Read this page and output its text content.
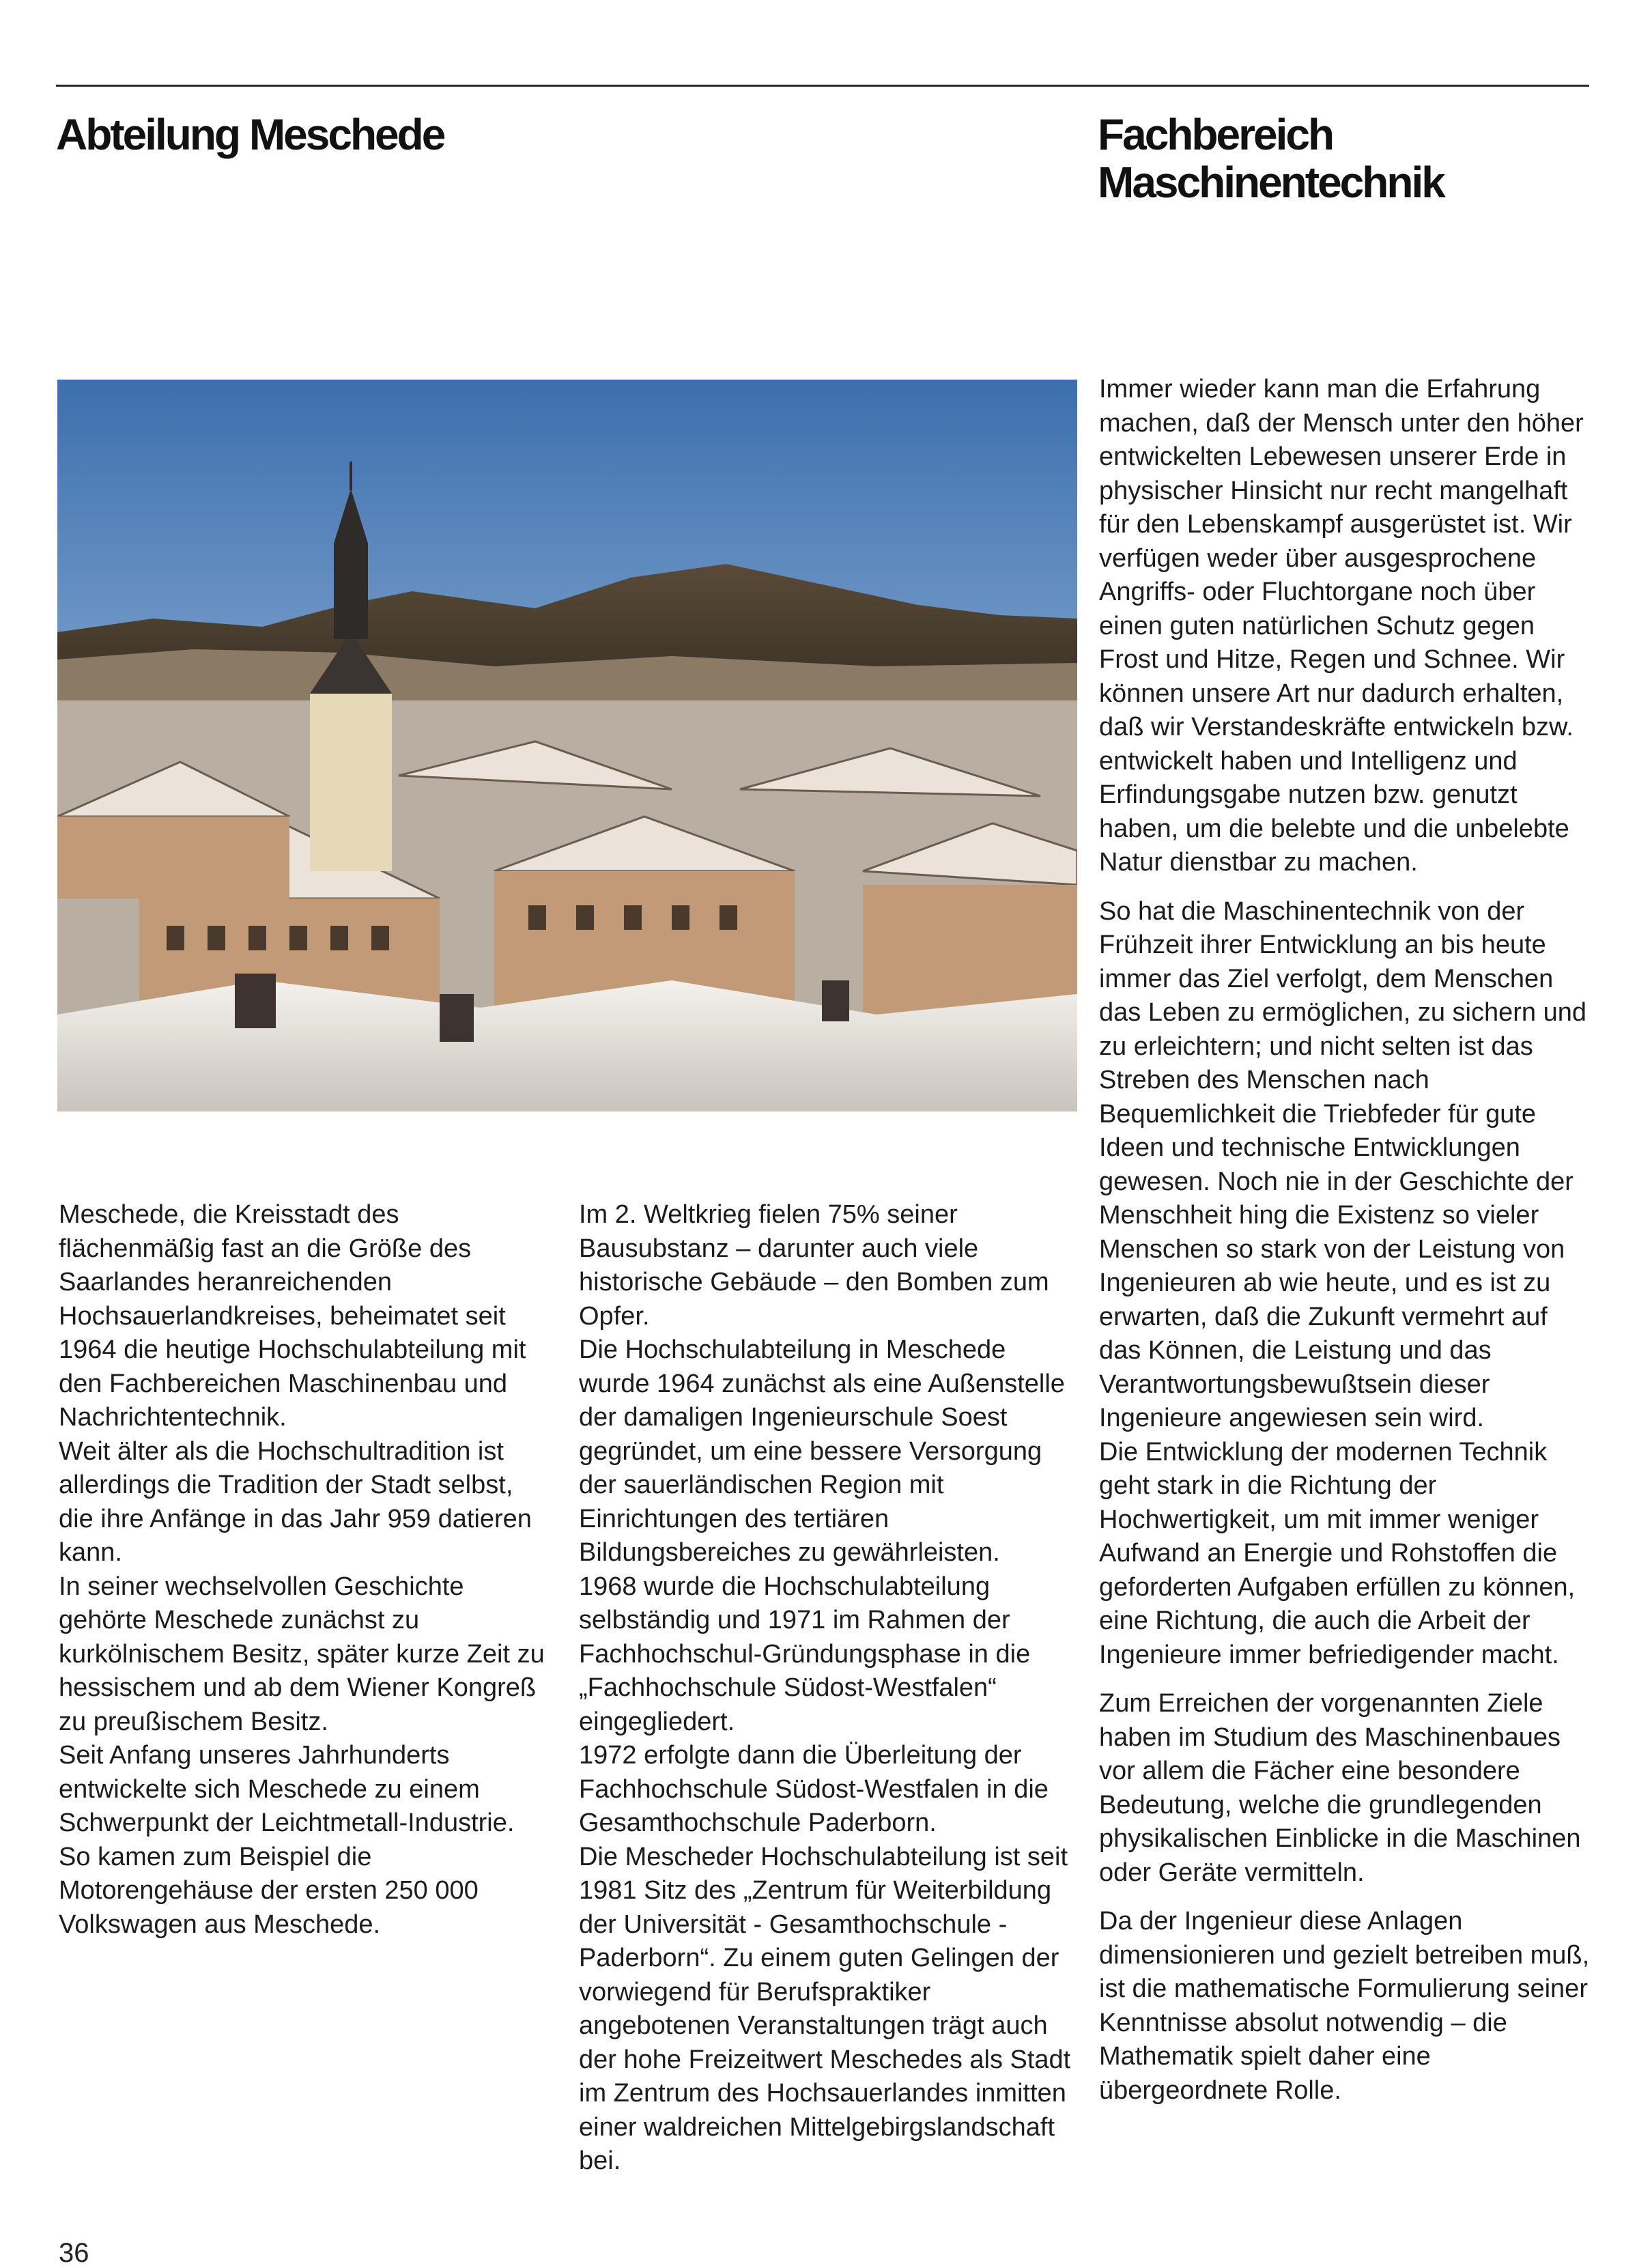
Abteilung Meschede	Fachbereich Maschinentechnik

Meschede, die Kreisstadt des flächenmäßig fast an die Größe des Saarlandes heranreichenden Hochsauerlandkreises, beheimatet seit 1964 die heutige Hochschulabteilung mit den Fachbereichen Maschinenbau und Nachrichtentechnik.

Weit älter als die Hochschultradition ist allerdings die Tradition der Stadt selbst, die ihre Anfänge in das Jahr 959 datieren kann.

In seiner wechselvollen Geschichte gehörte Meschede zunächst zu kurkölnischem Besitz, später kurze Zeit zu hessischem und ab dem Wiener Kongreß zu preußischem Besitz.

Seit Anfang unseres Jahrhunderts entwickelte sich Meschede zu einem Schwerpunkt der Leichtmetall-Industrie. So kamen zum Beispiel die Motorengehäuse der ersten 250 000 Volkswagen aus Meschede.

Im 2. Weltkrieg fielen 75% seiner Bausubstanz – darunter auch viele historische Gebäude – den Bomben zum Opfer.

Die Hochschulabteilung in Meschede wurde 1964 zunächst als eine Außenstelle der damaligen Ingenieurschule Soest gegründet, um eine bessere Versorgung der sauerländischen Region mit Einrichtungen des tertiären Bildungsbereiches zu gewährleisten.

1968 wurde die Hochschulabteilung selbständig und 1971 im Rahmen der Fachhochschul-Gründungsphase in die „Fachhochschule Südost-Westfalen“ eingegliedert.

1972 erfolgte dann die Überleitung der Fachhochschule Südost-Westfalen in die Gesamthochschule Paderborn.

Die Mescheder Hochschulabteilung ist seit 1981 Sitz des „Zentrum für Weiterbildung der Universität - Gesamthochschule - Paderborn“. Zu einem guten Gelingen der vorwiegend für Berufspraktiker angebotenen Veranstaltungen trägt auch der hohe Freizeitwert Meschedes als Stadt im Zentrum des Hochsauerlandes inmitten einer waldreichen Mittelgebirgslandschaft bei.

Immer wieder kann man die Erfahrung machen, daß der Mensch unter den höher entwickelten Lebewesen unserer Erde in physischer Hinsicht nur recht mangelhaft für den Lebenskampf ausgerüstet ist. Wir verfügen weder über ausgesprochene Angriffs- oder Fluchtorgane noch über einen guten natürlichen Schutz gegen Frost und Hitze, Regen und Schnee. Wir können unsere Art nur dadurch erhalten, daß wir Verstandeskräfte entwickeln bzw. entwickelt haben und Intelligenz und Erfindungsgabe nutzen bzw. genutzt haben, um die belebte und die unbelebte Natur dienstbar zu machen.

So hat die Maschinentechnik von der Frühzeit ihrer Entwicklung an bis heute immer das Ziel verfolgt, dem Menschen das Leben zu ermöglichen, zu sichern und zu erleichtern; und nicht selten ist das Streben des Menschen nach Bequemlichkeit die Triebfeder für gute Ideen und technische Entwicklungen gewesen. Noch nie in der Geschichte der Menschheit hing die Existenz so vieler Menschen so stark von der Leistung von Ingenieuren ab wie heute, und es ist zu erwarten, daß die Zukunft vermehrt auf das Können, die Leistung und das Verantwortungsbewußtsein dieser Ingenieure angewiesen sein wird.

Die Entwicklung der modernen Technik geht stark in die Richtung der Hochwertigkeit, um mit immer weniger Aufwand an Energie und Rohstoffen die geforderten Aufgaben erfüllen zu können, eine Richtung, die auch die Arbeit der Ingenieure immer befriedigender macht.

Zum Erreichen der vorgenannten Ziele haben im Studium des Maschinenbaues vor allem die Fächer eine besondere Bedeutung, welche die grundlegenden physikalischen Einblicke in die Maschinen oder Geräte vermitteln.

Da der Ingenieur diese Anlagen dimensionieren und gezielt betreiben muß, ist die mathematische Formulierung seiner Kenntnisse absolut notwendig – die Mathematik spielt daher eine übergeordnete Rolle.

36
